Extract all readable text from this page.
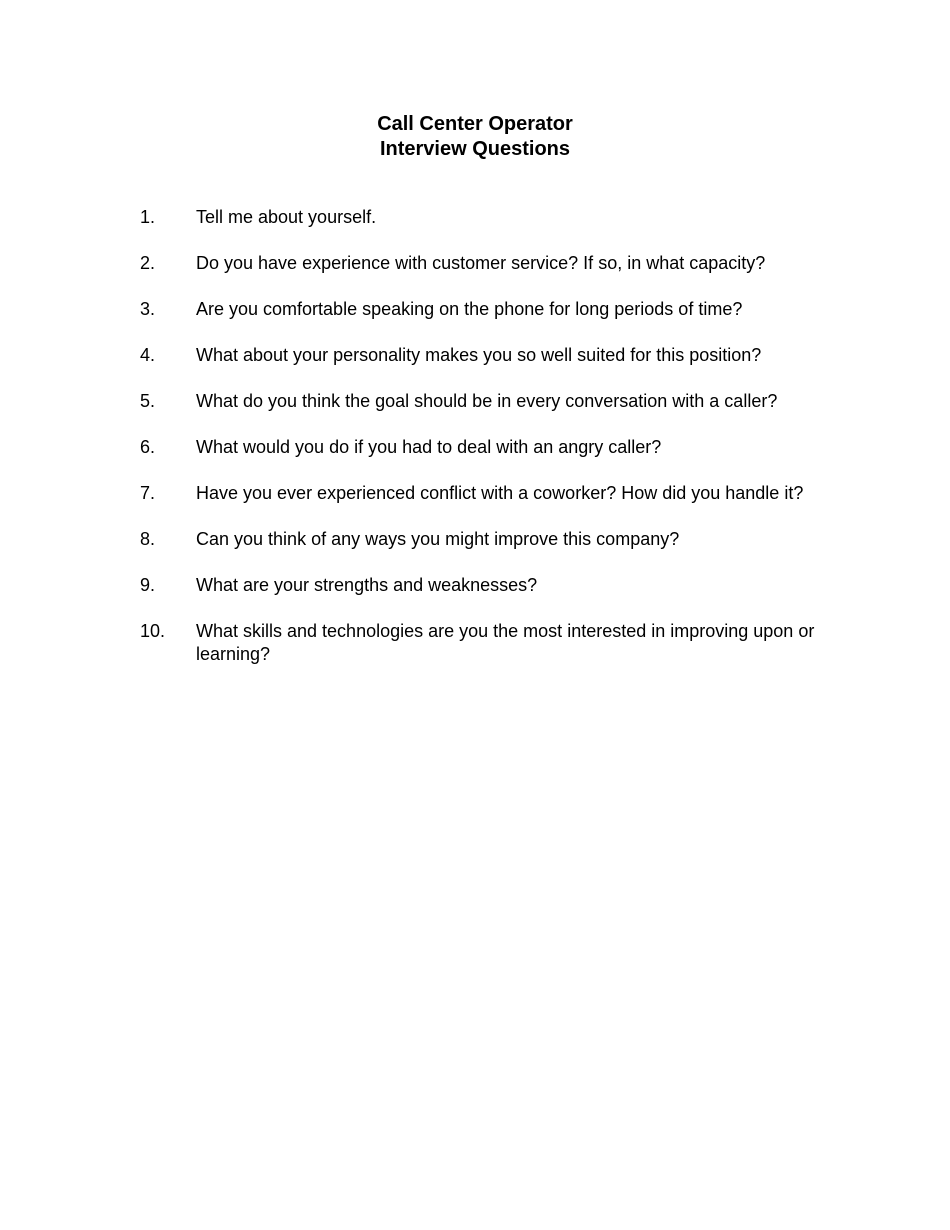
Call Center Operator
Interview Questions
1.	Tell me about yourself.
2.	Do you have experience with customer service? If so, in what capacity?
3.	Are you comfortable speaking on the phone for long periods of time?
4.	What about your personality makes you so well suited for this position?
5.	What do you think the goal should be in every conversation with a caller?
6.	What would you do if you had to deal with an angry caller?
7.	Have you ever experienced conflict with a coworker? How did you handle it?
8.	Can you think of any ways you might improve this company?
9.	What are your strengths and weaknesses?
10.	What skills and technologies are you the most interested in improving upon or learning?
